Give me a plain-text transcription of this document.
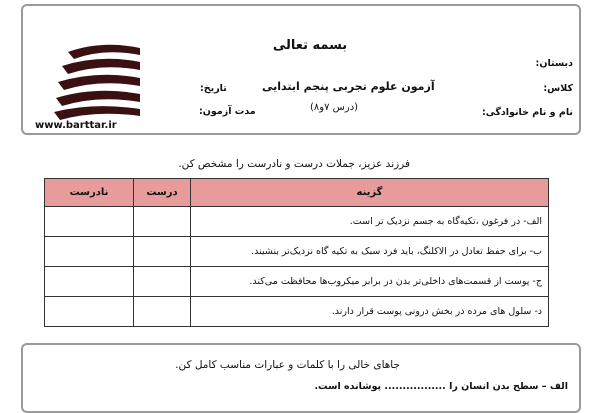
بسمه تعالی
دبستان:
کلاس:
نام و نام خانوادگی:
آزمون علوم تجربی پنجم ابتدایی
(درس ۷و۸)
تاریخ:
مدت آزمون:
www.barttar.ir
فرزند عزیز، جملات درست و نادرست را مشخص کن.
گزینه	درست	نادرست
الف- در فرغون ،تکیه‌گاه به جسم نزدیک تر است.		
ب- برای حفظ تعادل در الاکلنگ، باید فرد سبک به تکیه گاه نزدیک‌تر بنشیند.		
ج- پوست از قسمت‌های داخلی‌تر بدن در برابر میکروب‌ها محافظت می‌کند.		
د- سلول های مرده در بخش درونی پوست قرار دارند.		
جاهای خالی را با کلمات و عبارات مناسب کامل کن.
الف – سطح بدن انسان را ................. پوشانده است.
